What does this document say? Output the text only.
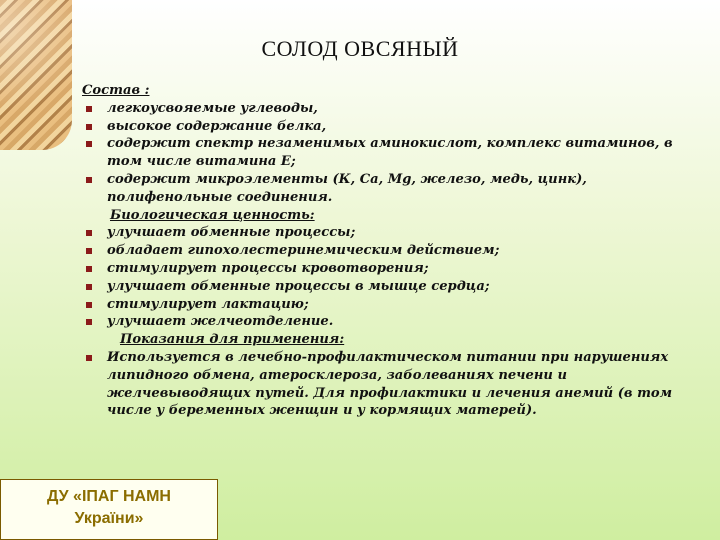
СОЛОД ОВСЯНЫЙ
Состав :
легкоусвояемые углеводы,
высокое содержание белка,
содержит спектр незаменимых аминокислот, комплекс витаминов, в том числе витамина Е;
содержит микроэлементы (К, Са, Mg, железо, медь, цинк), полифенольные соединения.
Биологическая ценность:
улучшает обменные процессы;
обладает гипохолестеринемическим действием;
стимулирует процессы кровотворения;
улучшает обменные процессы в мышце сердца;
стимулирует лактацию;
улучшает желчеотделение.
Показания для применения:
Используется в лечебно-профилактическом питании при нарушениях липидного обмена, атеросклероза, заболеваниях печени и желчевыводящих путей. Для профилактики и лечения анемий (в том числе у беременных женщин и у кормящих матерей).
ДУ «ІПАГ НАМН
України»
